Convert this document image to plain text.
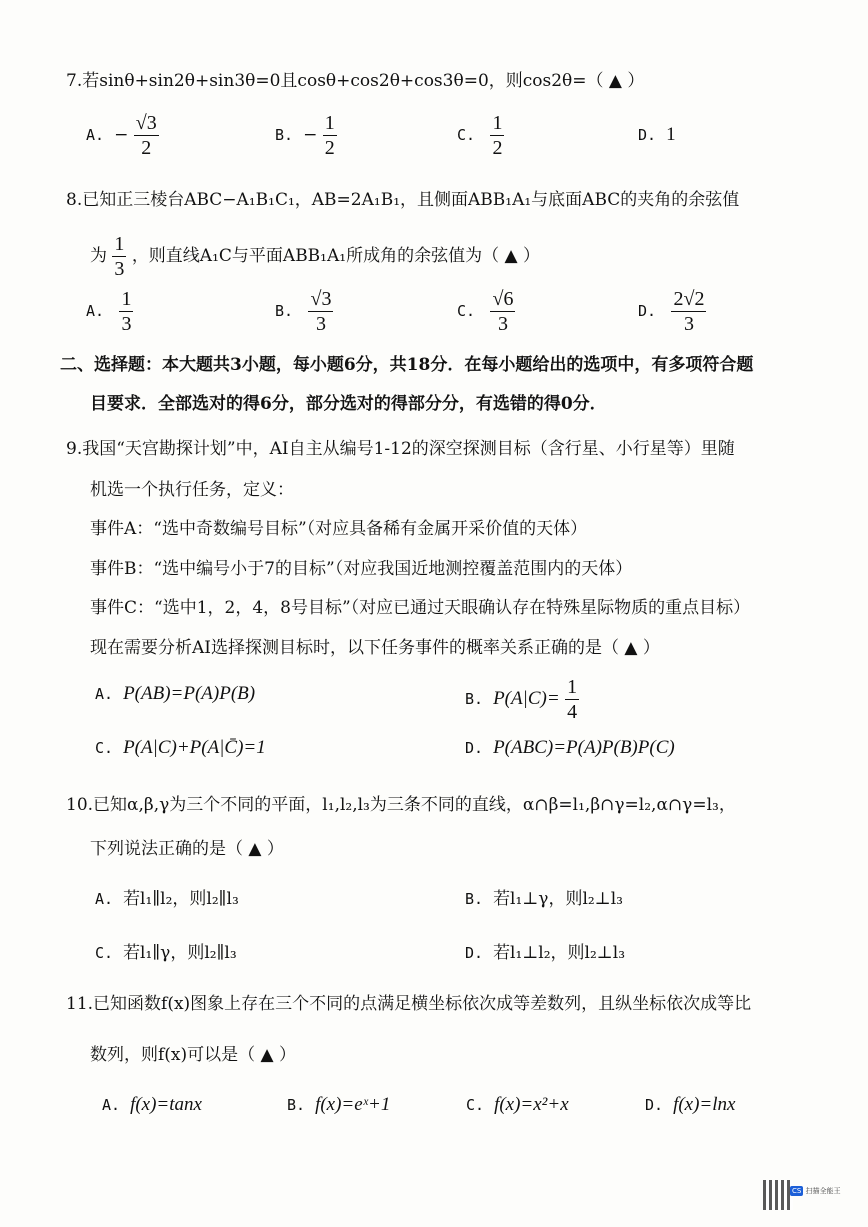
7.若sinθ+sin2θ+sin3θ=0且cosθ+cos2θ+cos3θ=0，则cos2θ=（ ▲ ）
A. − $\frac{√3}{2}$	B. − $\frac{1}{2}$	C. $\frac{1}{2}$	D. 1
8.已知正三棱台ABC−A₁B₁C₁，AB=2A₁B₁，且侧面ABB₁A₁与底面ABC的夹角的余弦值
为 $\frac{1}{3}$ ，则直线A₁C与平面ABB₁A₁所成角的余弦值为（ ▲ ）
A. $\frac{1}{3}$	B. $\frac{√3}{3}$	C. $\frac{√6}{3}$	D. $\frac{2√2}{3}$
二、选择题：本大题共3小题，每小题6分，共18分．在每小题给出的选项中，有多项符合题
目要求．全部选对的得6分，部分选对的得部分分，有选错的得0分．
9.我国“天宫勘探计划”中，AI自主从编号1-12的深空探测目标（含行星、小行星等）里随
机选一个执行任务，定义：
事件A：“选中奇数编号目标”（对应具备稀有金属开采价值的天体）
事件B：“选中编号小于7的目标”（对应我国近地测控覆盖范围内的天体）
事件C：“选中1，2，4，8号目标”（对应已通过天眼确认存在特殊星际物质的重点目标）
现在需要分析AI选择探测目标时，以下任务事件的概率关系正确的是（ ▲ ）
A. P(AB)=P(A)P(B)	B. $P(A|C)= \frac{1}{4}$
C. P(A|C)+P(A|C̄)=1	D. P(ABC)=P(A)P(B)P(C)
10.已知α,β,γ为三个不同的平面，l₁,l₂,l₃为三条不同的直线，α∩β=l₁,β∩γ=l₂,α∩γ=l₃，
下列说法正确的是（ ▲ ）
A. 若l₁∥l₂，则l₂∥l₃	B. 若l₁⊥γ，则l₂⊥l₃
C. 若l₁∥γ，则l₂∥l₃	D. 若l₁⊥l₂，则l₂⊥l₃
11.已知函数f(x)图象上存在三个不同的点满足横坐标依次成等差数列，且纵坐标依次成等比
数列，则f(x)可以是（ ▲ ）
A. f(x)=tanx	B. f(x)=eˣ+1	C. f(x)=x²+x	D. f(x)=lnx
CS 扫描全能王
